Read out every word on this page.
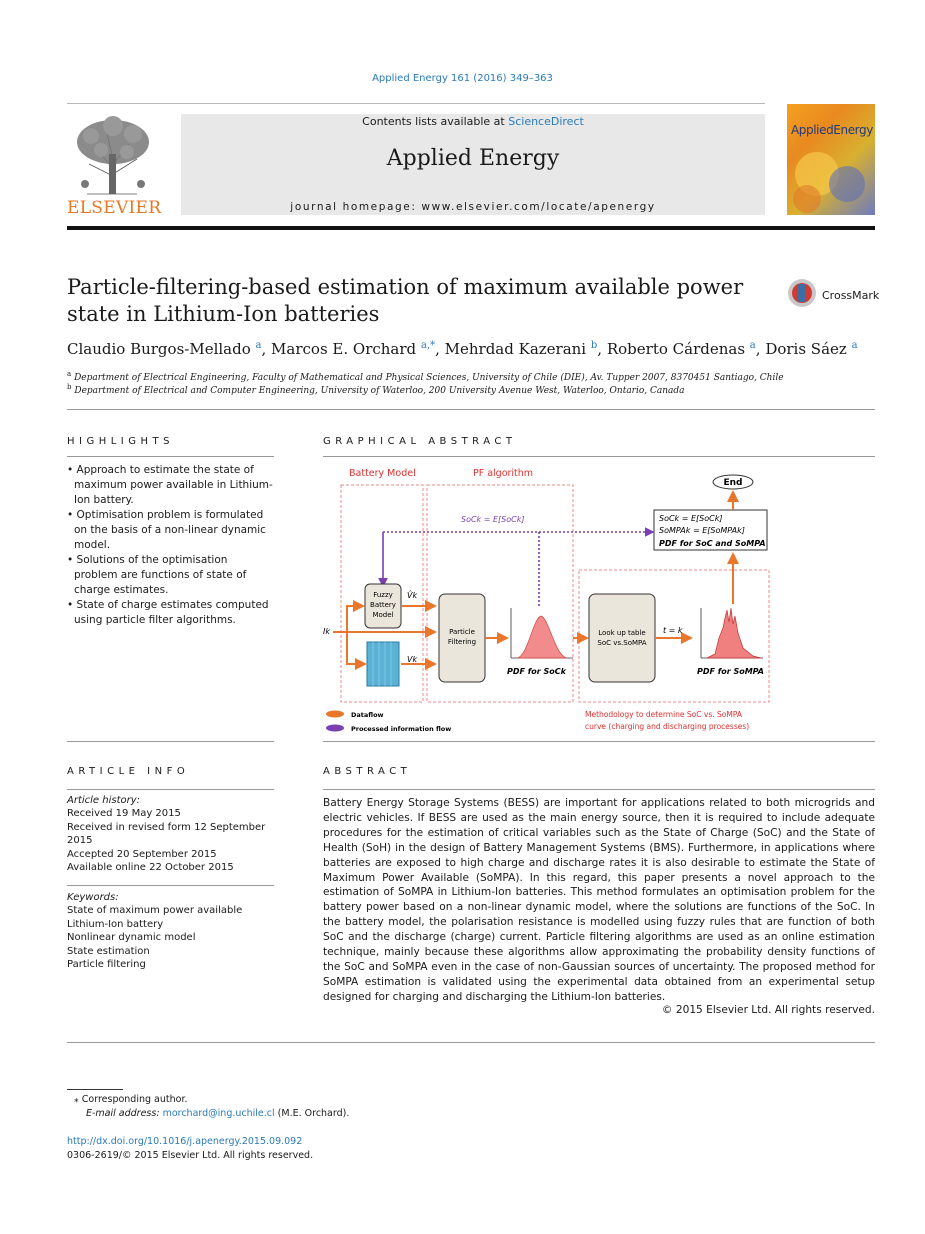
Applied Energy 161 (2016) 349–363
ELSEVIER
Contents lists available at ScienceDirect
Applied Energy
journal homepage: www.elsevier.com/locate/apenergy
AppliedEnergy
Particle-filtering-based estimation of maximum available power state in Lithium-Ion batteries
CrossMark
Claudio Burgos-Mellado $^a$, Marcos E. Orchard $^{a,*}$, Mehrdad Kazerani $^b$, Roberto Cárdenas $^a$, Doris Sáez $^a$
$^a$ Department of Electrical Engineering, Faculty of Mathematical and Physical Sciences, University of Chile (DIE), Av. Tupper 2007, 8370451 Santiago, Chile
$^b$ Department of Electrical and Computer Engineering, University of Waterloo, 200 University Avenue West, Waterloo, Ontario, Canada
HIGHLIGHTS

• Approach to estimate the state of maximum power available in Lithium-Ion battery.

• Optimisation problem is formulated on the basis of a non-linear dynamic model.

• Solutions of the optimisation problem are functions of state of charge estimates.

• State of charge estimates computed using particle filter algorithms.

GRAPHICAL ABSTRACT
Battery Model	PF algorithm
End
SoCk = E[SoCk]
SoMPAk = E[SoMPAk]
PDF for SoC and SoMPA
SoCk = E[SoCk]
Fuzzy
Battery
Model
V̂k
Vk
Ik	Particle
Filtering
PDF for SoCk
Look up table
SoC vs.SoMPA
t = k
PDF for SoMPA
Dataflow
Processed information flow
Methodology to determine SoC vs. SoMPA
curve (charging and discharging processes)
ARTICLE INFO
Article history:
Received 19 May 2015
Received in revised form 12 September 2015
Accepted 20 September 2015
Available online 22 October 2015
Keywords:
State of maximum power available
Lithium-Ion battery
Nonlinear dynamic model
State estimation
Particle filtering
ABSTRACT
Battery Energy Storage Systems (BESS) are important for applications related to both microgrids and electric vehicles. If BESS are used as the main energy source, then it is required to include adequate procedures for the estimation of critical variables such as the State of Charge (SoC) and the State of Health (SoH) in the design of Battery Management Systems (BMS). Furthermore, in applications where batteries are exposed to high charge and discharge rates it is also desirable to estimate the State of Maximum Power Available (SoMPA). In this regard, this paper presents a novel approach to the estimation of SoMPA in Lithium-Ion batteries. This method formulates an optimisation problem for the battery power based on a non-linear dynamic model, where the solutions are functions of the SoC. In the battery model, the polarisation resistance is modelled using fuzzy rules that are function of both SoC and the discharge (charge) current. Particle filtering algorithms are used as an online estimation technique, mainly because these algorithms allow approximating the probability density functions of the SoC and SoMPA even in the case of non-Gaussian sources of uncertainty. The proposed method for SoMPA estimation is validated using the experimental data obtained from an experimental setup designed for charging and discharging the Lithium-Ion batteries.
© 2015 Elsevier Ltd. All rights reserved.
⁎ Corresponding author.
E-mail address: morchard@ing.uchile.cl (M.E. Orchard).
http://dx.doi.org/10.1016/j.apenergy.2015.09.092
0306-2619/© 2015 Elsevier Ltd. All rights reserved.
